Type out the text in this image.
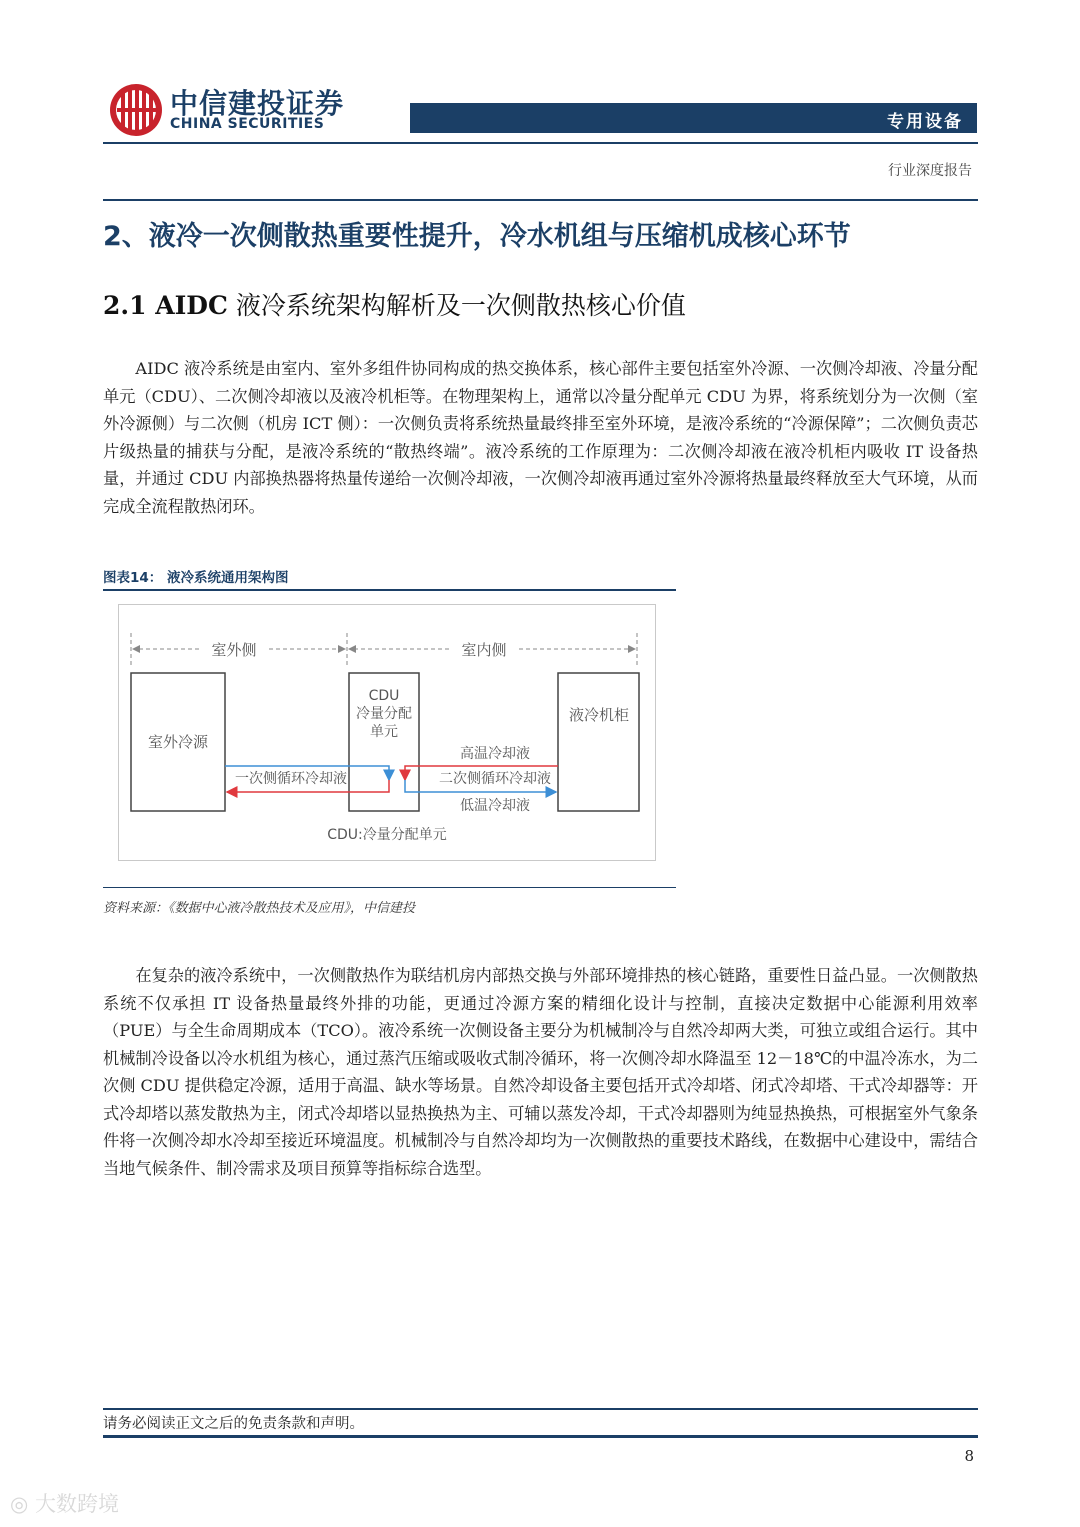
中信建投证券
CHINA SECURITIES	专用设备
行业深度报告
2、液冷一次侧散热重要性提升，冷水机组与压缩机成核心环节
2.1 AIDC 液冷系统架构解析及一次侧散热核心价值
AIDC 液冷系统是由室内、室外多组件协同构成的热交换体系，核心部件主要包括室外冷源、一次侧冷却液、冷量分配单元（CDU）、二次侧冷却液以及液冷机柜等。在物理架构上，通常以冷量分配单元 CDU 为界，将系统划分为一次侧（室外冷源侧）与二次侧（机房 ICT 侧）：一次侧负责将系统热量最终排至室外环境，是液冷系统的“冷源保障”；二次侧负责芯片级热量的捕获与分配，是液冷系统的“散热终端”。液冷系统的工作原理为：二次侧冷却液在液冷机柜内吸收 IT 设备热量，并通过 CDU 内部换热器将热量传递给一次侧冷却液，一次侧冷却液再通过室外冷源将热量最终释放至大气环境，从而完成全流程散热闭环。
图表14： 液冷系统通用架构图
室外侧	室内侧
室外冷源
CDU
冷量分配
单元
液冷机柜
一次侧循环冷却液
高温冷却液
二次侧循环冷却液
低温冷却液
CDU:冷量分配单元
资料来源：《数据中心液冷散热技术及应用》，中信建投
在复杂的液冷系统中，一次侧散热作为联结机房内部热交换与外部环境排热的核心链路，重要性日益凸显。一次侧散热系统不仅承担 IT 设备热量最终外排的功能，更通过冷源方案的精细化设计与控制，直接决定数据中心能源利用效率（PUE）与全生命周期成本（TCO）。液冷系统一次侧设备主要分为机械制冷与自然冷却两大类，可独立或组合运行。其中机械制冷设备以冷水机组为核心，通过蒸汽压缩或吸收式制冷循环，将一次侧冷却水降温至 12－18℃的中温冷冻水，为二次侧 CDU 提供稳定冷源，适用于高温、缺水等场景。自然冷却设备主要包括开式冷却塔、闭式冷却塔、干式冷却器等：开式冷却塔以蒸发散热为主，闭式冷却塔以显热换热为主、可辅以蒸发冷却，干式冷却器则为纯显热换热，可根据室外气象条件将一次侧冷却水冷却至接近环境温度。机械制冷与自然冷却均为一次侧散热的重要技术路线，在数据中心建设中，需结合当地气候条件、制冷需求及项目预算等指标综合选型。
请务必阅读正文之后的免责条款和声明。
8
◎ 大数跨境
